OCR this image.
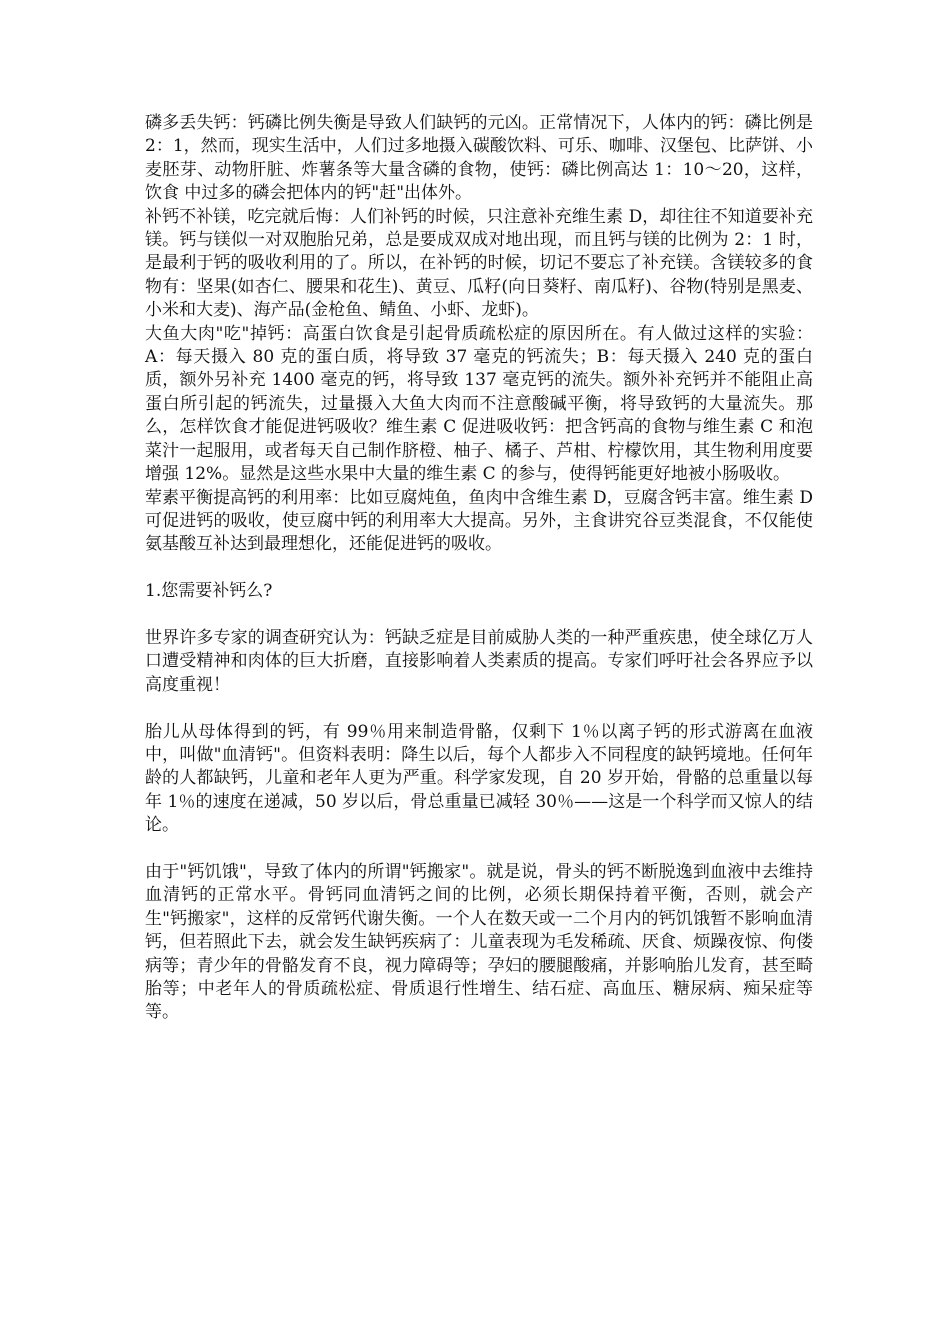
磷多丢失钙：钙磷比例失衡是导致人们缺钙的元凶。正常情况下，人体内的钙：磷比例是 2：1，然而，现实生活中，人们过多地摄入碳酸饮料、可乐、咖啡、汉堡包、比萨饼、小麦胚芽、动物肝脏、炸薯条等大量含磷的食物，使钙：磷比例高达 1：10～20，这样，饮食 中过多的磷会把体内的钙"赶"出体外。

补钙不补镁，吃完就后悔：人们补钙的时候，只注意补充维生素 D，却往往不知道要补充镁。钙与镁似一对双胞胎兄弟，总是要成双成对地出现，而且钙与镁的比例为 2：1 时，是最利于钙的吸收利用的了。所以，在补钙的时候，切记不要忘了补充镁。含镁较多的食物有：坚果(如杏仁、腰果和花生)、黄豆、瓜籽(向日葵籽、南瓜籽)、谷物(特别是黑麦、小米和大麦)、海产品(金枪鱼、鲭鱼、小虾、龙虾)。

大鱼大肉"吃"掉钙：高蛋白饮食是引起骨质疏松症的原因所在。有人做过这样的实验：A：每天摄入 80 克的蛋白质，将导致 37 毫克的钙流失；B：每天摄入 240 克的蛋白质，额外另补充 1400 毫克的钙，将导致 137 毫克钙的流失。额外补充钙并不能阻止高蛋白所引起的钙流失，过量摄入大鱼大肉而不注意酸碱平衡，将导致钙的大量流失。那么，怎样饮食才能促进钙吸收？维生素 C 促进吸收钙：把含钙高的食物与维生素 C 和泡菜汁一起服用，或者每天自己制作脐橙、柚子、橘子、芦柑、柠檬饮用，其生物利用度要增强 12%。显然是这些水果中大量的维生素 C 的参与，使得钙能更好地被小肠吸收。

荤素平衡提高钙的利用率：比如豆腐炖鱼，鱼肉中含维生素 D，豆腐含钙丰富。维生素 D 可促进钙的吸收，使豆腐中钙的利用率大大提高。另外，主食讲究谷豆类混食，不仅能使氨基酸互补达到最理想化，还能促进钙的吸收。

1.您需要补钙么?

世界许多专家的调查研究认为：钙缺乏症是目前威胁人类的一种严重疾患，使全球亿万人口遭受精神和肉体的巨大折磨，直接影响着人类素质的提高。专家们呼吁社会各界应予以高度重视！

胎儿从母体得到的钙，有 99％用来制造骨骼，仅剩下 1％以离子钙的形式游离在血液中，叫做"血清钙"。但资料表明：降生以后，每个人都步入不同程度的缺钙境地。任何年龄的人都缺钙，儿童和老年人更为严重。科学家发现，自 20 岁开始，骨骼的总重量以每年 1％的速度在递减，50 岁以后，骨总重量已减轻 30％——这是一个科学而又惊人的结论。

由于"钙饥饿"，导致了体内的所谓"钙搬家"。就是说，骨头的钙不断脱逸到血液中去维持血清钙的正常水平。骨钙同血清钙之间的比例，必须长期保持着平衡，否则，就会产生"钙搬家"，这样的反常钙代谢失衡。一个人在数天或一二个月内的钙饥饿暂不影响血清钙，但若照此下去，就会发生缺钙疾病了：儿童表现为毛发稀疏、厌食、烦躁夜惊、佝偻病等；青少年的骨骼发育不良，视力障碍等；孕妇的腰腿酸痛，并影响胎儿发育，甚至畸胎等；中老年人的骨质疏松症、骨质退行性增生、结石症、高血压、糖尿病、痴呆症等等。
